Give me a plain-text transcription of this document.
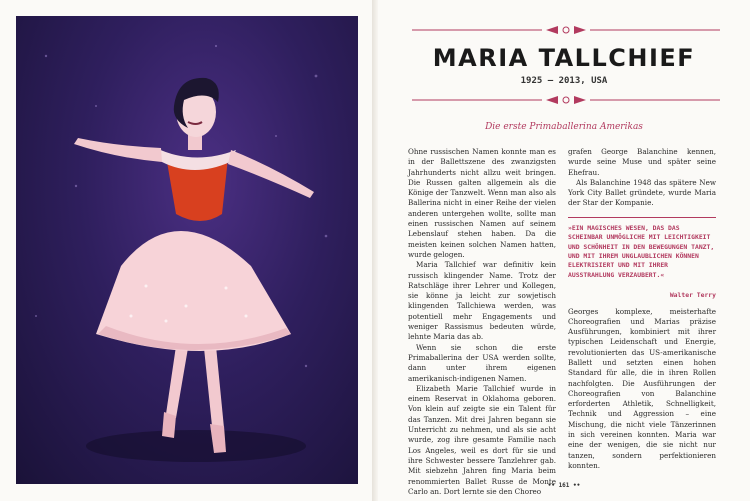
MARIA TALLCHIEF
1925 – 2013, USA
Die erste Primaballerina Amerikas

Ohne russischen Namen konnte man es in der Ballettszene des zwanzigsten Jahrhunderts nicht allzu weit bringen. Die Russen galten allgemein als die Könige der Tanzwelt. Wenn man also als Ballerina nicht in einer Reihe der vielen anderen untergehen wollte, sollte man einen russischen Namen auf seinem Lebenslauf stehen haben. Da die meisten keinen solchen Namen hatten, wurde gelogen.

Maria Tallchief war definitiv kein russisch klingender Name. Trotz der Ratschläge ihrer Lehrer und Kollegen, sie könne ja leicht zur sowjetisch klingenden Tallchiewa werden, was potentiell mehr Engagements und weniger Rassismus bedeuten würde, lehnte Maria das ab.

Wenn sie schon die erste Primaballerina der USA werden sollte, dann unter ihrem eigenen amerikanisch-indigenen Namen.

Elizabeth Marie Tallchief wurde in einem Reservat in Oklahoma geboren. Von klein auf zeigte sie ein Talent für das Tanzen. Mit drei Jahren begann sie Unterricht zu nehmen, und als sie acht wurde, zog ihre gesamte Familie nach Los Angeles, weil es dort für sie und ihre Schwester bessere Tanzlehrer gab. Mit siebzehn Jahren fing Maria beim renommierten Ballet Russe de Monte Carlo an. Dort lernte sie den Choreo

grafen George Balanchine kennen, wurde seine Muse und später seine Ehefrau.

Als Balanchine 1948 das spätere New York City Ballet gründete, wurde Maria der Star der Kompanie.

»EIN MAGISCHES WESEN, DAS DAS SCHEINBAR UNMÖGLICHE MIT LEICHTIGKEIT UND SCHÖNHEIT IN DEN BEWEGUNGEN TANZT, UND MIT IHREM UNGLAUBLICHEN KÖNNEN ELEKTRISIERT UND MIT IHRER AUSSTRAHLUNG VERZAUBERT.«
Walter Terry

Georges komplexe, meisterhafte Choreografien und Marias präzise Ausführungen, kombiniert mit ihrer typischen Leidenschaft und Energie, revolutionierten das US-amerikanische Ballett und setzten einen hohen Standard für alle, die in ihren Rollen nachfolgten. Die Ausführungen der Choreografien von Balanchine erforderten Athletik, Schnelligkeit, Technik und Aggression – eine Mischung, die nicht viele Tänzerinnen in sich vereinen konnten. Maria war eine der wenigen, die sie nicht nur tanzen, sondern perfektionieren konnten.

•• 161 ••
